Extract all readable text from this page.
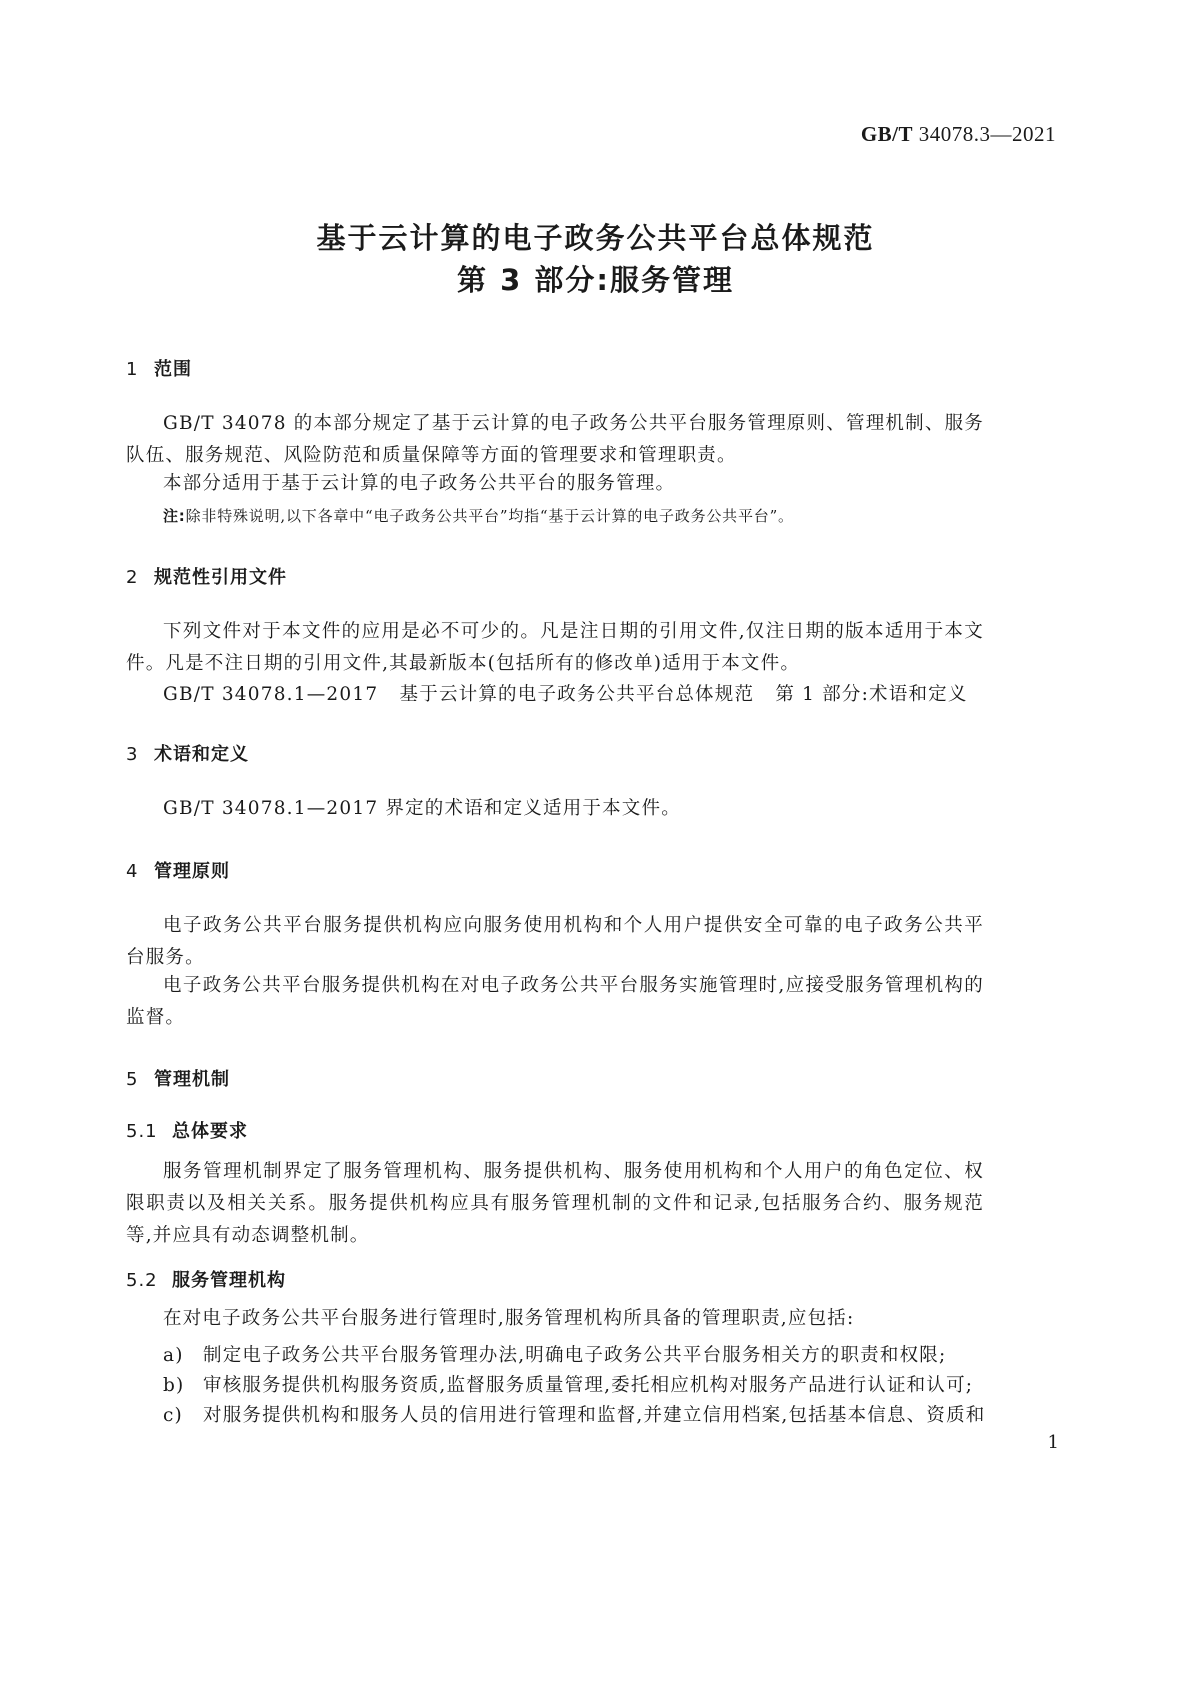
GB/T 34078.3—2021
基于云计算的电子政务公共平台总体规范
第 3 部分:服务管理
1 范围

GB/T 34078 的本部分规定了基于云计算的电子政务公共平台服务管理原则、管理机制、服务队伍、服务规范、风险防范和质量保障等方面的管理要求和管理职责。

本部分适用于基于云计算的电子政务公共平台的服务管理。

注:除非特殊说明,以下各章中“电子政务公共平台”均指“基于云计算的电子政务公共平台”。
2 规范性引用文件

下列文件对于本文件的应用是必不可少的。凡是注日期的引用文件,仅注日期的版本适用于本文件。凡是不注日期的引用文件,其最新版本(包括所有的修改单)适用于本文件。

GB/T 34078.1—2017   基于云计算的电子政务公共平台总体规范   第 1 部分:术语和定义
3 术语和定义

GB/T 34078.1—2017 界定的术语和定义适用于本文件。

4 管理原则

电子政务公共平台服务提供机构应向服务使用机构和个人用户提供安全可靠的电子政务公共平台服务。

电子政务公共平台服务提供机构在对电子政务公共平台服务实施管理时,应接受服务管理机构的监督。

5 管理机制
5.1 总体要求

服务管理机制界定了服务管理机构、服务提供机构、服务使用机构和个人用户的角色定位、权限职责以及相关关系。服务提供机构应具有服务管理机制的文件和记录,包括服务合约、服务规范等,并应具有动态调整机制。

5.2 服务管理机构

在对电子政务公共平台服务进行管理时,服务管理机构所具备的管理职责,应包括:

a) 制定电子政务公共平台服务管理办法,明确电子政务公共平台服务相关方的职责和权限;
b) 审核服务提供机构服务资质,监督服务质量管理,委托相应机构对服务产品进行认证和认可;
c) 对服务提供机构和服务人员的信用进行管理和监督,并建立信用档案,包括基本信息、资质和
1
